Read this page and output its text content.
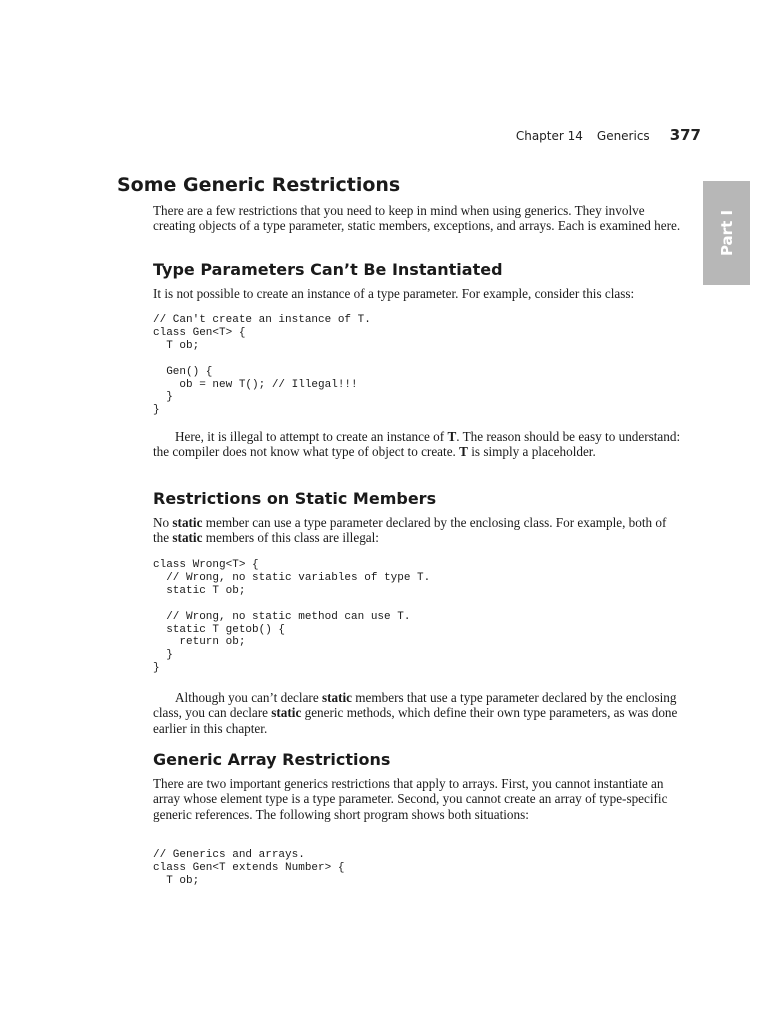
Chapter 14 Generics 377
Part I
Some Generic Restrictions

There are a few restrictions that you need to keep in mind when using generics. They involve creating objects of a type parameter, static members, exceptions, and arrays. Each is examined here.

Type Parameters Can’t Be Instantiated

It is not possible to create an instance of a type parameter. For example, consider this class:

// Can't create an instance of T.
class Gen<T> {
T ob;

Gen() {
ob = new T(); // Illegal!!!
}
}

Here, it is illegal to attempt to create an instance of T. The reason should be easy to understand: the compiler does not know what type of object to create. T is simply a placeholder.

Restrictions on Static Members

No static member can use a type parameter declared by the enclosing class. For example, both of the static members of this class are illegal:

class Wrong<T> {
// Wrong, no static variables of type T.
static T ob;

// Wrong, no static method can use T.
static T getob() {
return ob;
}
}

Although you can’t declare static members that use a type parameter declared by the enclosing class, you can declare static generic methods, which define their own type parameters, as was done earlier in this chapter.

Generic Array Restrictions

There are two important generics restrictions that apply to arrays. First, you cannot instantiate an array whose element type is a type parameter. Second, you cannot create an array of type-specific generic references. The following short program shows both situations:

// Generics and arrays.
class Gen<T extends Number> {
T ob;
